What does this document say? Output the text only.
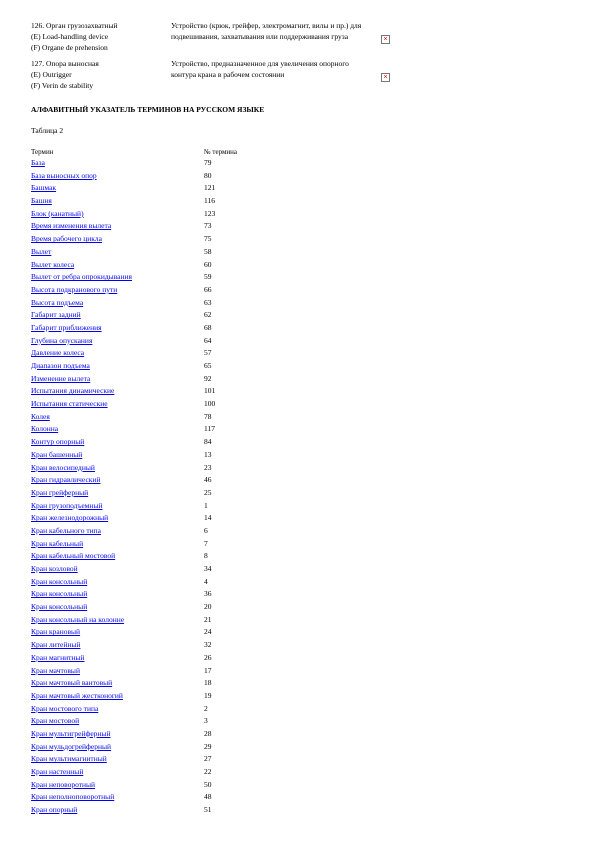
126. Орган грузозахватный
(E) Load-handling device
(F) Organe de prehension
Устройство (крюк, грейфер, электромагнит, вилы и пр.) для подвешивания, захватывания или поддерживания груза	×
127. Опора выносная
(E) Outrigger
(F) Verin de stability
Устройство, предназначенное для увеличения опорного контура крана в рабочем состоянии	×
АЛФАВИТНЫЙ УКАЗАТЕЛЬ ТЕРМИНОВ НА РУССКОМ ЯЗЫКЕ
Таблица 2
Термин	№ термина
База	79
База выносных опор	80
Башмак	121
Башня	116
Блок (канатный)	123
Время изменения вылета	73
Время рабочего цикла	75
Вылет	58
Вылет колеса	60
Вылет от ребра опрокидывания	59
Высота подкранового пути	66
Высота подъема	63
Габарит задний	62
Габарит приближения	68
Глубина опускания	64
Давление колеса	57
Диапазон подъема	65
Изменение вылета	92
Испытания динамические	101
Испытания статические	100
Колея	78
Колонна	117
Контур опорный	84
Кран башенный	13
Кран велосипедный	23
Кран гидравлический	46
Кран грейферный	25
Кран грузоподъемный	1
Кран железнодорожный	14
Кран кабельного типа	6
Кран кабельный	7
Кран кабельный мостовой	8
Кран козловой	34
Кран консольный	4
Кран консольный	36
Кран консольный	20
Кран консольный на колонне	21
Кран крановый	24
Кран литейный	32
Кран магнитный	26
Кран мачтовый	17
Кран мачтовый вантовый	18
Кран мачтовый жестконогий	19
Кран мостового типа	2
Кран мостовой	3
Кран мультигрейферный	28
Кран мульдогрейферный	29
Кран мультимагнитный	27
Кран настенный	22
Кран неповоротный	50
Кран неполноповоротный	48
Кран опорный	51
